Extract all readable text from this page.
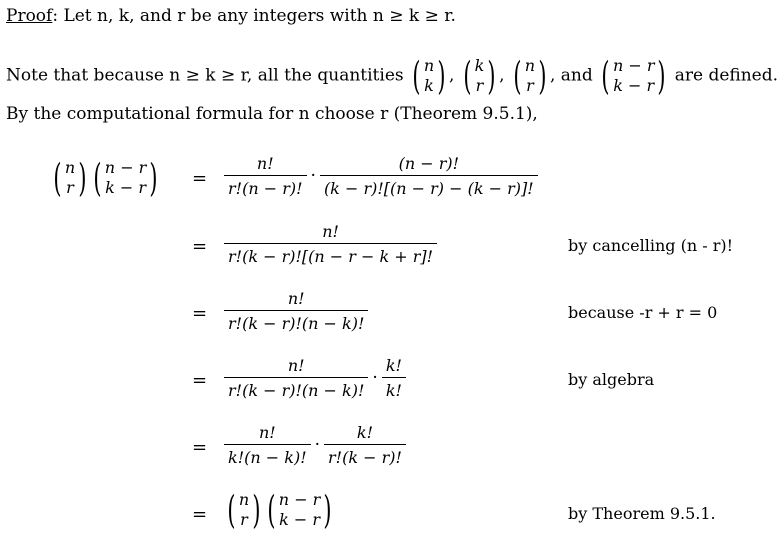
Proof: Let n, k, and r be any integers with n ≥ k ≥ r.
Note that because n ≥ k ≥ r, all the quantities ( n
k ) , ( k
r ) , ( n
r ) , and ( n − r
k − r ) are defined.
By the computational formula for n choose r (Theorem 9.5.1),
( n
r ) ( n − r
k − r ) = $\frac{n!}{r!(n - r)!} \cdot \frac{(n - r)!}{(k - r)![(n - r) - (k - r)]!}$
= $\frac{n!}{r!(k - r)![(n - r - k + r]!}$	by cancelling (n - r)!
= $\frac{n!}{r!(k - r)!(n - k)!}$	because -r + r = 0
= $\frac{n!}{r!(k - r)!(n - k)!} \cdot \frac{k!}{k!}$	by algebra
= $\frac{n!}{k!(n - k)!} \cdot \frac{k!}{r!(k - r)!}$
= ( n
r ) ( n − r
k − r )	by Theorem 9.5.1.
